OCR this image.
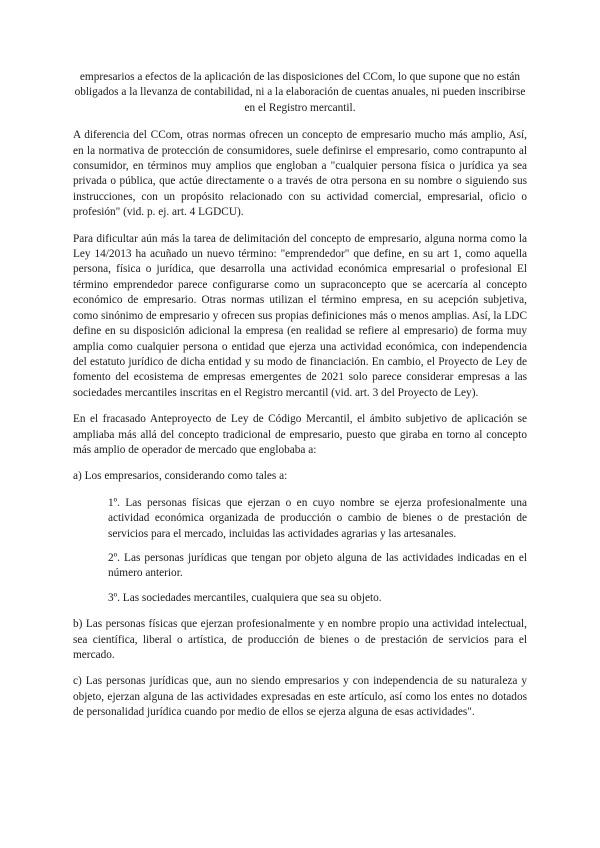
empresarios a efectos de la aplicación de las disposiciones del CCom, lo que supone que no están obligados a la llevanza de contabilidad, ni a la elaboración de cuentas anuales, ni pueden inscribirse en el Registro mercantil.

A diferencia del CCom, otras normas ofrecen un concepto de empresario mucho más amplio, Así, en la normativa de protección de consumidores, suele definirse el empresario, como contrapunto al consumidor, en términos muy amplios que engloban a "cualquier persona física o jurídica ya sea privada o pública, que actúe directamente o a través de otra persona en su nombre o siguiendo sus instrucciones, con un propósito relacionado con su actividad comercial, empresarial, oficio o profesión" (vid. p. ej. art. 4 LGDCU).

Para dificultar aún más la tarea de delimitación del concepto de empresario, alguna norma como la Ley 14/2013 ha acuñado un nuevo término: "emprendedor" que define, en su art 1, como aquella persona, física o jurídica, que desarrolla una actividad económica empresarial o profesional El término emprendedor parece configurarse como un supraconcepto que se acercaría al concepto económico de empresario. Otras normas utilizan el término empresa, en su acepción subjetiva, como sinónimo de empresario y ofrecen sus propias definiciones más o menos amplias. Así, la LDC define en su disposición adicional la empresa (en realidad se refiere al empresario) de forma muy amplia como cualquier persona o entidad que ejerza una actividad económica, con independencia del estatuto jurídico de dicha entidad y su modo de financiación. En cambio, el Proyecto de Ley de fomento del ecosistema de empresas emergentes de 2021 solo parece considerar empresas a las sociedades mercantiles inscritas en el Registro mercantil (vid. art. 3 del Proyecto de Ley).

En el fracasado Anteproyecto de Ley de Código Mercantil, el ámbito subjetivo de aplicación se ampliaba más allá del concepto tradicional de empresario, puesto que giraba en torno al concepto más amplio de operador de mercado que englobaba a:

a) Los empresarios, considerando como tales a:

1º. Las personas físicas que ejerzan o en cuyo nombre se ejerza profesionalmente una actividad económica organizada de producción o cambio de bienes o de prestación de servicios para el mercado, incluidas las actividades agrarias y las artesanales.

2º. Las personas jurídicas que tengan por objeto alguna de las actividades indicadas en el número anterior.

3º. Las sociedades mercantiles, cualquiera que sea su objeto.

b) Las personas físicas que ejerzan profesionalmente y en nombre propio una actividad intelectual, sea científica, liberal o artística, de producción de bienes o de prestación de servicios para el mercado.

c) Las personas jurídicas que, aun no siendo empresarios y con independencia de su naturaleza y objeto, ejerzan alguna de las actividades expresadas en este artículo, así como los entes no dotados de personalidad jurídica cuando por medio de ellos se ejerza alguna de esas actividades".
